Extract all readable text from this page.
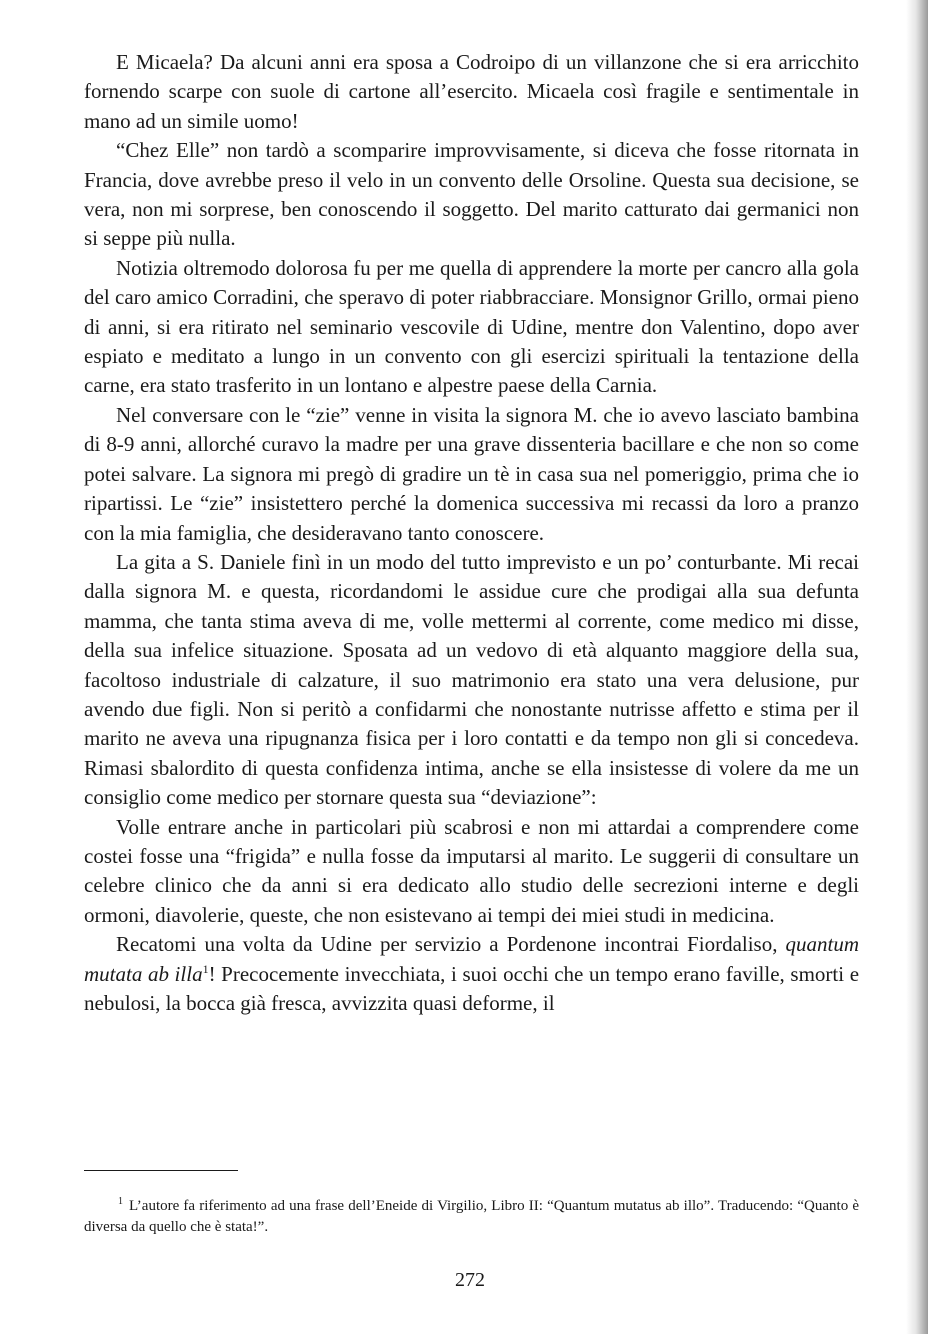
E Micaela? Da alcuni anni era sposa a Codroipo di un villanzone che si era arricchito fornendo scarpe con suole di cartone all’esercito. Micaela così fragile e sentimentale in mano ad un simile uomo!

“Chez Elle” non tardò a scomparire improvvisamente, si diceva che fosse ritornata in Francia, dove avrebbe preso il velo in un convento delle Orsoline. Questa sua decisione, se vera, non mi sorprese, ben conoscendo il soggetto. Del marito catturato dai germanici non si seppe più nulla.

Notizia oltremodo dolorosa fu per me quella di apprendere la morte per cancro alla gola del caro amico Corradini, che speravo di poter riabbracciare. Monsignor Grillo, ormai pieno di anni, si era ritirato nel seminario vescovile di Udine, mentre don Valentino, dopo aver espiato e meditato a lungo in un convento con gli esercizi spirituali la tentazione della carne, era stato trasferito in un lontano e alpestre paese della Carnia.

Nel conversare con le “zie” venne in visita la signora M. che io avevo lasciato bambina di 8-9 anni, allorché curavo la madre per una grave dissenteria bacillare e che non so come potei salvare. La signora mi pregò di gradire un tè in casa sua nel pomeriggio, prima che io ripartissi. Le “zie” insistettero perché la domenica successiva mi recassi da loro a pranzo con la mia famiglia, che desideravano tanto conoscere.

La gita a S. Daniele finì in un modo del tutto imprevisto e un po’ conturbante. Mi recai dalla signora M. e questa, ricordandomi le assidue cure che prodigai alla sua defunta mamma, che tanta stima aveva di me, volle mettermi al corrente, come medico mi disse, della sua infelice situazione. Sposata ad un vedovo di età alquanto maggiore della sua, facoltoso industriale di calzature, il suo matrimonio era stato una vera delusione, pur avendo due figli. Non si peritò a confidarmi che nonostante nutrisse affetto e stima per il marito ne aveva una ripugnanza fisica per i loro contatti e da tempo non gli si concedeva. Rimasi sbalordito di questa confidenza intima, anche se ella insistesse di volere da me un consiglio come medico per stornare questa sua “deviazione”:

Volle entrare anche in particolari più scabrosi e non mi attardai a comprendere come costei fosse una “frigida” e nulla fosse da imputarsi al marito. Le suggerii di consultare un celebre clinico che da anni si era dedicato allo studio delle secrezioni interne e degli ormoni, diavolerie, queste, che non esistevano ai tempi dei miei studi in medicina.

Recatomi una volta da Udine per servizio a Pordenone incontrai Fiordaliso, quantum mutata ab illa$^1$! Precocemente invecchiata, i suoi occhi che un tempo erano faville, smorti e nebulosi, la bocca già fresca, avvizzita quasi deforme, il

$^1$ L’autore fa riferimento ad una frase dell’Eneide di Virgilio, Libro II: “Quantum mutatus ab illo”. Traducendo: “Quanto è diversa da quello che è stata!”.
272
